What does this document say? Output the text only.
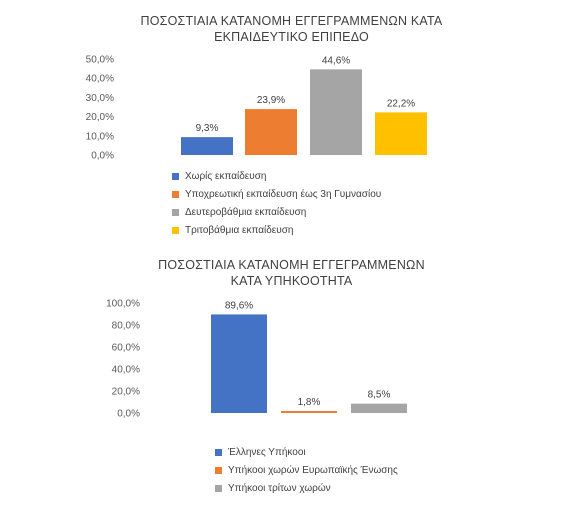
ΠΟΣΟΣΤΙΑΙΑ ΚΑΤΑΝΟΜΗ ΕΓΓΕΓΡΑΜΜΕΝΩΝ ΚΑΤΑ
ΕΚΠΑΙΔΕΥΤΙΚΟ ΕΠΙΠΕΔΟ
ΠΟΣΟΣΤΙΑΙΑ ΚΑΤΑΝΟΜΗ ΕΓΓΕΓΡΑΜΜΕΝΩΝ
ΚΑΤΑ ΥΠΗΚΟΟΤΗΤΑ
0,0%
10,0%
20,0%
30,0%
40,0%
50,0%
9,3%
23,9%
44,6%
22,2%
0,0%
20,0%
40,0%
60,0%
80,0%
100,0%	89,6%
1,8%
8,5%
Χωρίς εκπαίδευση
Υποχρεωτική εκπαίδευση έως 3η Γυμνασίου
Δευτεροβάθμια εκπαίδευση
Τριτοβάθμια εκπαίδευση
Έλληνες Υπήκοοι
Υπήκοοι χωρών Ευρωπαϊκής Ένωσης
Υπήκοοι τρίτων χωρών
